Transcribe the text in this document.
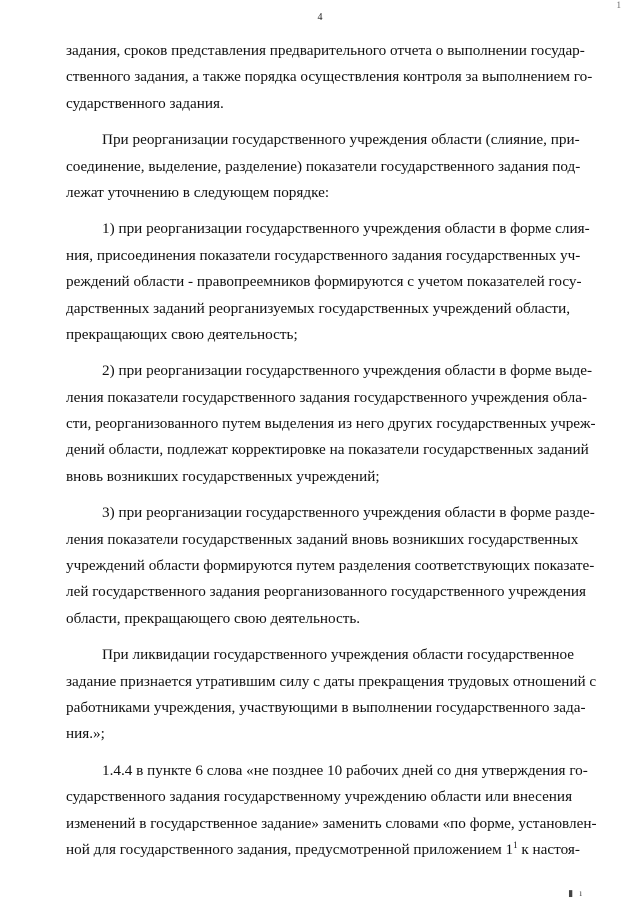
1
4
задания, сроков представления предварительного отчета о выполнении государ-
ственного задания, а также порядка осуществления контроля за выполнением го-
сударственного задания.
При реорганизации государственного учреждения области (слияние, при-
соединение, выделение, разделение) показатели государственного задания под-
лежат уточнению в следующем порядке:
1) при реорганизации государственного учреждения области в форме слия-
ния, присоединения показатели государственного задания государственных уч-
реждений области - правопреемников формируются с учетом показателей госу-
дарственных заданий реорганизуемых государственных учреждений области,
прекращающих свою деятельность;
2) при реорганизации государственного учреждения области в форме выде-
ления показатели государственного задания государственного учреждения обла-
сти, реорганизованного путем выделения из него других государственных учреж-
дений области, подлежат корректировке на показатели государственных заданий
вновь возникших государственных учреждений;
3) при реорганизации государственного учреждения области в форме разде-
ления показатели государственных заданий вновь возникших государственных
учреждений области формируются путем разделения соответствующих показате-
лей государственного задания реорганизованного государственного учреждения
области, прекращающего свою деятельность.
При ликвидации государственного учреждения области государственное
задание признается утратившим силу с даты прекращения трудовых отношений с
работниками учреждения, участвующими в выполнении государственного зада-
ния.»;
1.4.4 в пункте 6 слова «не позднее 10 рабочих дней со дня утверждения го-
сударственного задания государственному учреждению области или внесения
изменений в государственное задание» заменить словами «по форме, установлен-
ной для государственного задания, предусмотренной приложением $1^1$ к настоя-
▮ ı
